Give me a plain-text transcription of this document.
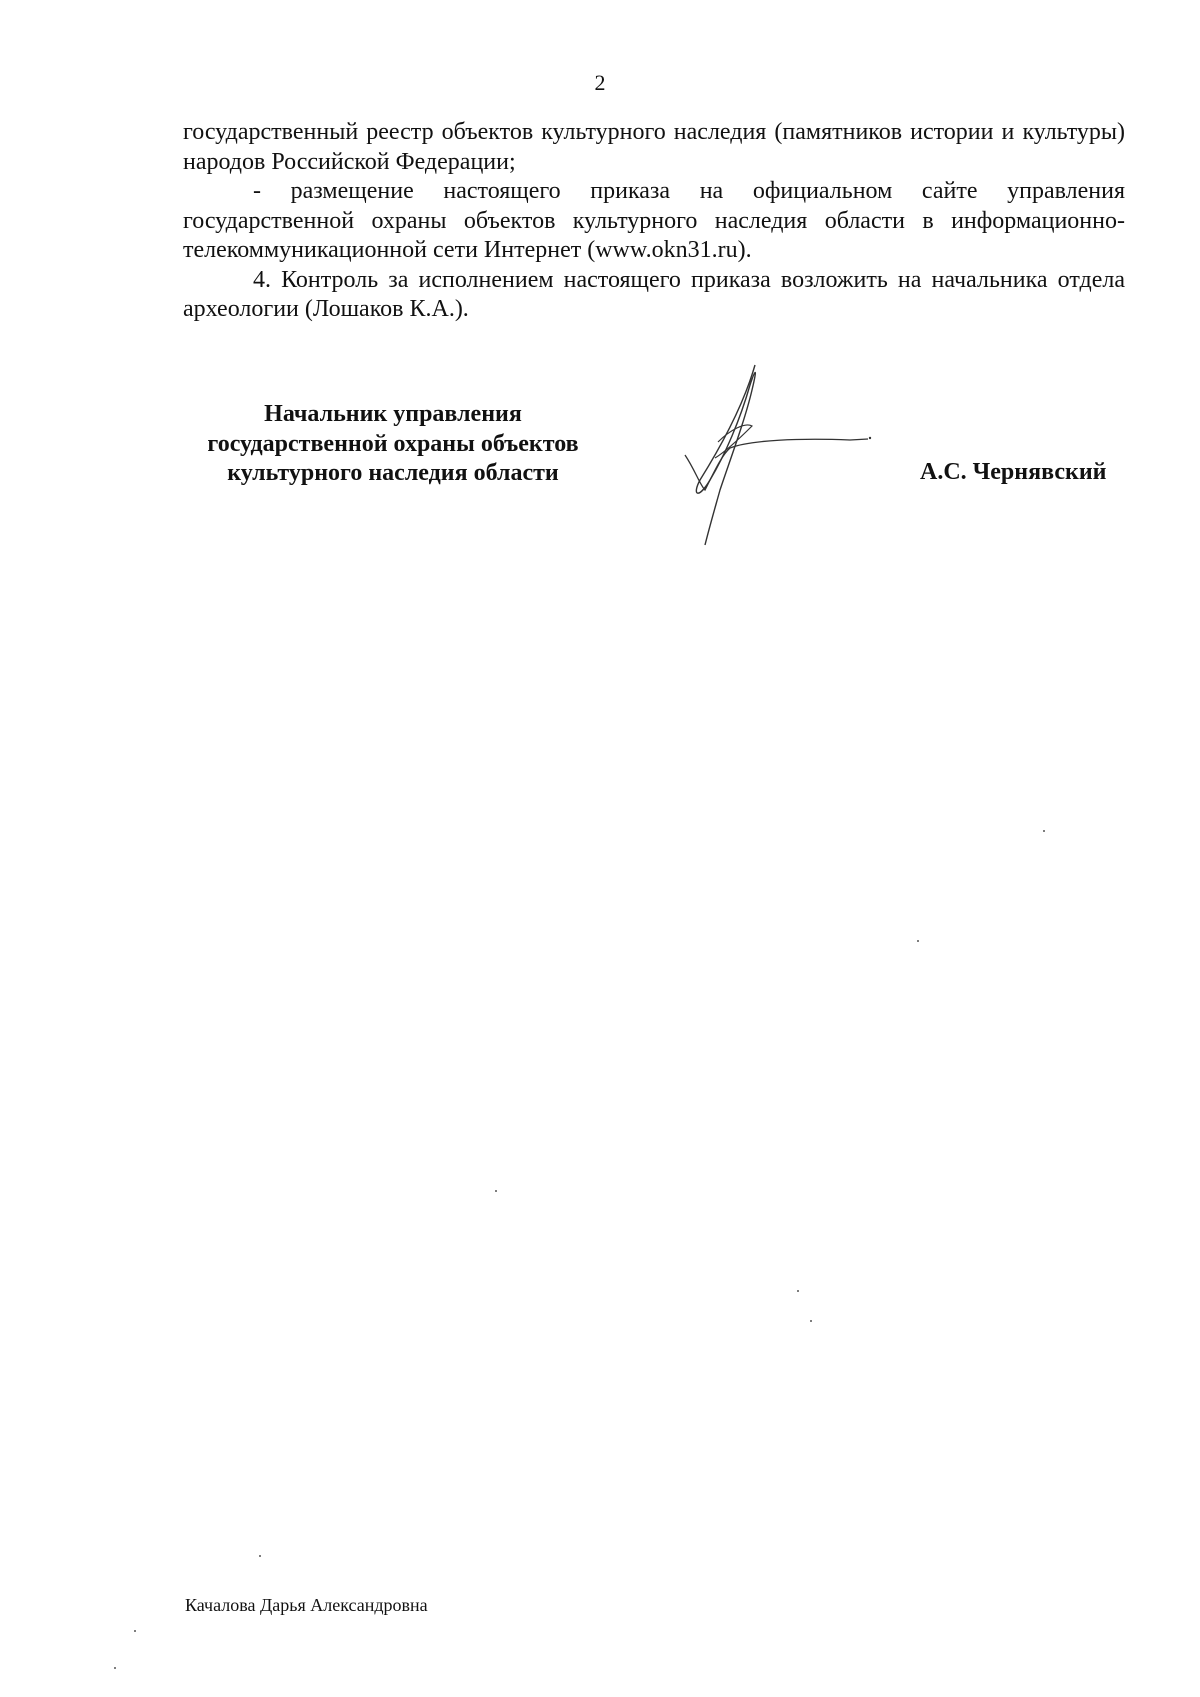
2

государственный реестр объектов культурного наследия (памятников истории и культуры) народов Российской Федерации;

- размещение настоящего приказа на официальном сайте управления государственной охраны объектов культурного наследия области в информационно-телекоммуникационной сети Интернет (www.okn31.ru).

4. Контроль за исполнением настоящего приказа возложить на начальника отдела археологии (Лошаков К.А.).

Начальник управления
государственной охраны объектов
культурного наследия области	А.С. Чернявский
Качалова Дарья Александровна
